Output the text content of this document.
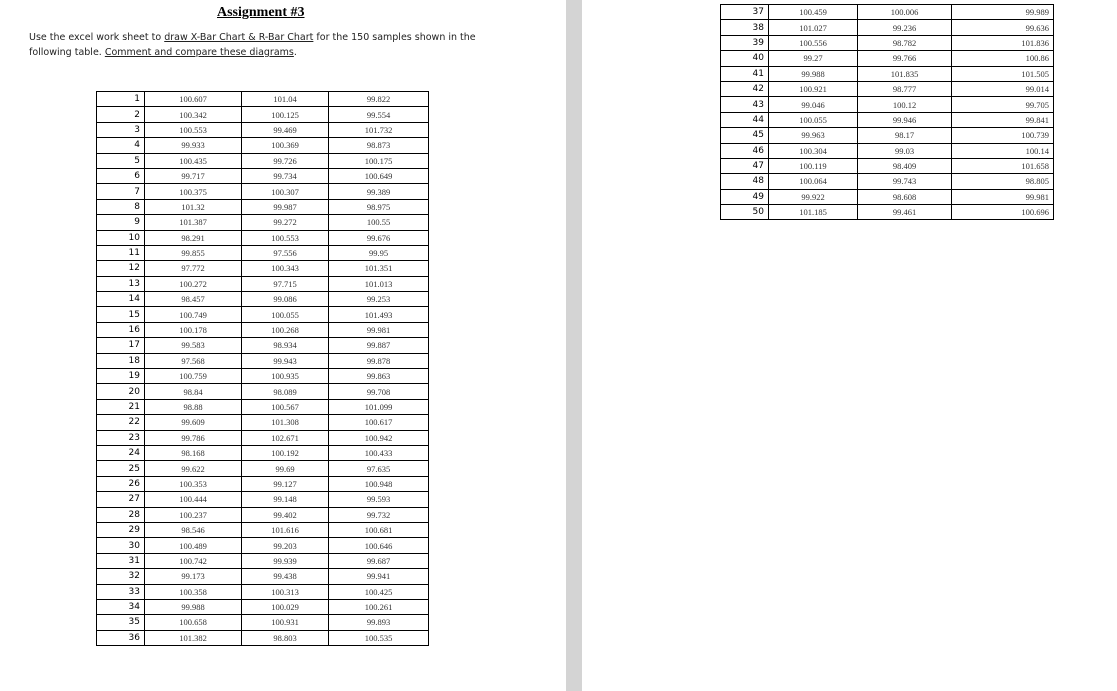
Assignment #3
Use the excel work sheet to draw X-Bar Chart & R-Bar Chart for the 150 samples shown in the following table. Comment and compare these diagrams.
1	100.607	101.04	99.822
2	100.342	100.125	99.554
3	100.553	99.469	101.732
4	99.933	100.369	98.873
5	100.435	99.726	100.175
6	99.717	99.734	100.649
7	100.375	100.307	99.389
8	101.32	99.987	98.975
9	101.387	99.272	100.55
10	98.291	100.553	99.676
11	99.855	97.556	99.95
12	97.772	100.343	101.351
13	100.272	97.715	101.013
14	98.457	99.086	99.253
15	100.749	100.055	101.493
16	100.178	100.268	99.981
17	99.583	98.934	99.887
18	97.568	99.943	99.878
19	100.759	100.935	99.863
20	98.84	98.089	99.708
21	98.88	100.567	101.099
22	99.609	101.308	100.617
23	99.786	102.671	100.942
24	98.168	100.192	100.433
25	99.622	99.69	97.635
26	100.353	99.127	100.948
27	100.444	99.148	99.593
28	100.237	99.402	99.732
29	98.546	101.616	100.681
30	100.489	99.203	100.646
31	100.742	99.939	99.687
32	99.173	99.438	99.941
33	100.358	100.313	100.425
34	99.988	100.029	100.261
35	100.658	100.931	99.893
36	101.382	98.803	100.535
37	100.459	100.006	99.989
38	101.027	99.236	99.636
39	100.556	98.782	101.836
40	99.27	99.766	100.86
41	99.988	101.835	101.505
42	100.921	98.777	99.014
43	99.046	100.12	99.705
44	100.055	99.946	99.841
45	99.963	98.17	100.739
46	100.304	99.03	100.14
47	100.119	98.409	101.658
48	100.064	99.743	98.805
49	99.922	98.608	99.981
50	101.185	99.461	100.696
